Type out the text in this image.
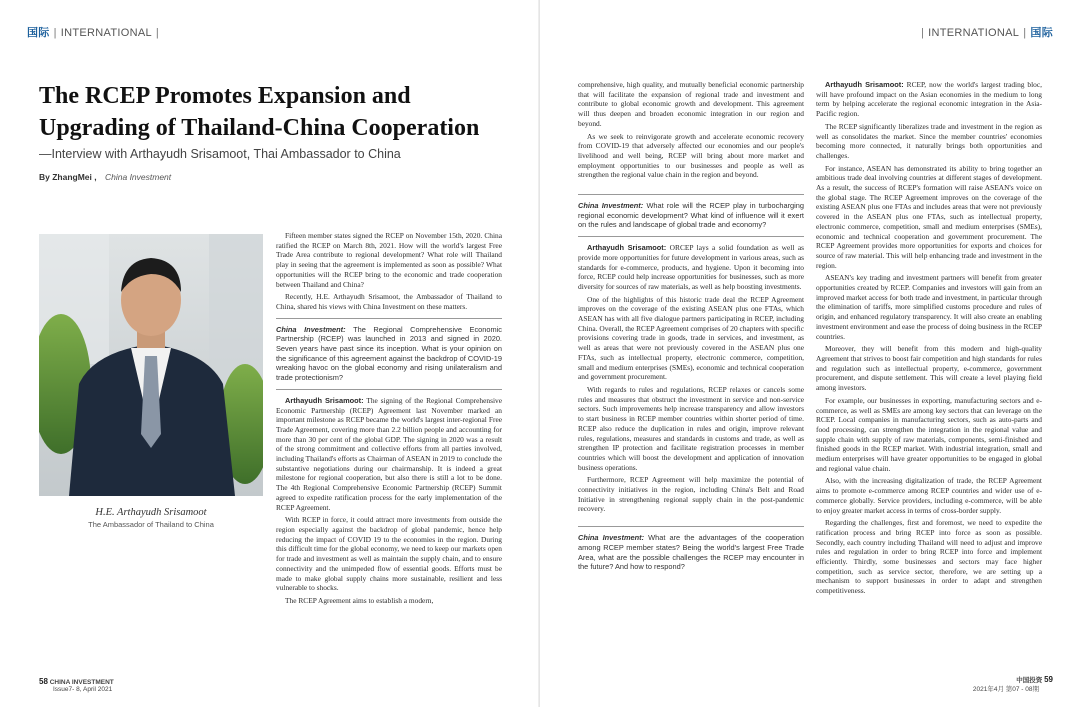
国际 | INTERNATIONAL |
The RCEP Promotes Expansion and Upgrading of Thailand-China Cooperation
—Interview with Arthayudh Srisamoot, Thai Ambassador to China
By ZhangMei , China Investment
H.E. Arthayudh Srisamoot
The Ambassador of Thailand to China

Fifteen member states signed the RCEP on November 15th, 2020. China ratified the RCEP on March 8th, 2021. How will the world's largest Free Trade Area contribute to regional development? What role will Thailand play in seeing that the agreement is implemented as soon as possible? What opportunities will the RCEP bring to the economic and trade cooperation between Thailand and China?

Recently, H.E. Arthayudh Srisamoot, the Ambassador of Thailand to China, shared his views with China Investment on these matters.

China Investment: The Regional Comprehensive Economic Partnership (RCEP) was launched in 2013 and signed in 2020. Seven years have past since its inception. What is your opinion on the significance of this agreement against the backdrop of COVID-19 wreaking havoc on the global economy and rising unilateralism and trade protectionism?

Arthayudh Srisamoot: The signing of the Regional Comprehensive Economic Partnership (RCEP) Agreement last November marked an important milestone as RCEP became the world's largest inter-regional Free Trade Agreement, covering more than 2.2 billion people and accounting for more than 30 per cent of the global GDP. The signing in 2020 was a result of the strong commitment and collective efforts from all parties involved, including Thailand's efforts as Chairman of ASEAN in 2019 to conclude the substantive negotiations during our chairmanship. It is indeed a great milestone for regional cooperation, but also there is still a lot to be done. The 4th Regional Comprehensive Economic Partnership (RCEP) Summit agreed to expedite ratification process for the early implementation of the RCEP Agreement.

With RCEP in force, it could attract more investments from outside the region especially against the backdrop of global pandemic, hence help reducing the impact of COVID 19 to the economies in the region. During this difficult time for the global economy, we need to keep our markets open for trade and investment as well as maintain the supply chain, and to ensure connectivity and the unimpeded flow of essential goods. Efforts must be made to make global supply chains more sustainable, resilient and less vulnerable to shocks.

The RCEP Agreement aims to establish a modern,

58 CHINA INVESTMENT
Issue7- 8, April 2021
| INTERNATIONAL | 国际

comprehensive, high quality, and mutually beneficial economic partnership that will facilitate the expansion of regional trade and investment and contribute to global economic growth and development. This agreement will thus deepen and broaden economic integration in our region and beyond.

As we seek to reinvigorate growth and accelerate economic recovery from COVID-19 that adversely affected our economies and our people's livelihood and well being, RCEP will bring about more market and employment opportunities to our businesses and people as well as strengthen the regional value chain in the region and beyond.

China Investment: What role will the RCEP play in turbocharging regional economic development? What kind of influence will it exert on the rules and landscape of global trade and economy?

Arthayudh Srisamoot: ORCEP lays a solid foundation as well as provide more opportunities for future development in various areas, such as standards for e-commerce, products, and hygiene. Upon it becoming into force, RCEP could help increase opportunities for businesses, such as more diversity for sources of raw materials, as well as help boosting investments.

One of the highlights of this historic trade deal the RCEP Agreement improves on the coverage of the existing ASEAN plus one FTAs, which ASEAN has with all five dialogue partners participating in RCEP, including China. Overall, the RCEP Agreement comprises of 20 chapters with specific provisions covering trade in goods, trade in services, and investment, as well as areas that were not previously covered in the ASEAN plus one FTAs, such as intellectual property, electronic commerce, competition, small and medium enterprises (SMEs), economic and technical cooperation and government procurement.

With regards to rules and regulations, RCEP relaxes or cancels some rules and measures that obstruct the investment in service and non-service sectors. Such improvements help increase transparency and allow investors to start business in RCEP member countries within shorter period of time. RCEP also reduce the duplication in rules and origin, improve relevant rules, regulations, measures and standards in customs and trade, as well as strengthen IP protection and facilitate registration processes in member countries which will boost the development and application of innovation business operations.

Furthermore, RCEP Agreement will help maximize the potential of connectivity initiatives in the region, including China's Belt and Road Initiative in strengthening regional supply chain in the post-pandemic recovery.

China Investment: What are the advantages of the cooperation among RCEP member states? Being the world's largest Free Trade Area, what are the possible challenges the RCEP may encounter in the future? And how to respond?

Arthayudh Srisamoot: RCEP, now the world's largest trading bloc, will have profound impact on the Asian economies in the medium to long term by helping accelerate the regional economic integration in the Asia-Pacific region.

The RCEP significantly liberalizes trade and investment in the region as well as consolidates the market. Since the member countries' economies becoming more connected, it naturally brings both opportunities and challenges.

For instance, ASEAN has demonstrated its ability to bring together an ambitious trade deal involving countries at different stages of development. As a result, the success of RCEP's formation will raise ASEAN's voice on the global stage. The RCEP Agreement improves on the coverage of the existing ASEAN plus one FTAs and includes areas that were not previously covered in the ASEAN plus one FTAs, such as intellectual property, electronic commerce, competition, small and medium enterprises (SMEs), economic and technical cooperation and government procurement. The RCEP Agreement provides more opportunities for exports and choices for source of raw material. This will help enhancing trade and investment in the region.

ASEAN's key trading and investment partners will benefit from greater opportunities created by RCEP. Companies and investors will gain from an improved market access for both trade and investment, in particular through the elimination of tariffs, more simplified customs procedure and rules of origin, and enhanced regulatory transparency. It will also create an enabling investment environment and ease the process of doing business in the RCEP countries.

Moreover, they will benefit from this modern and high-quality Agreement that strives to boost fair competition and high standards for rules and regulation such as intellectual property, e-commerce, government procurement, and dispute settlement. This will create a level playing field among investors.

For example, our businesses in exporting, manufacturing sectors and e-commerce, as well as SMEs are among key sectors that can leverage on the RCEP. Local companies in manufacturing sectors, such as auto-parts and food processing, can strengthen the integration in the regional value and supple chain with supply of raw materials, components, semi-finished and finished goods in the RCEP market. With industrial integration, small and medium enterprises will have greater opportunities to be engaged in global and regional value chain.

Also, with the increasing digitalization of trade, the RCEP Agreement aims to promote e-commerce among RCEP countries and wider use of e-commerce globally. Service providers, including e-commerce, will be able to enjoy greater market access in terms of cross-border supply.

Regarding the challenges, first and foremost, we need to expedite the ratification process and bring RCEP into force as soon as possible. Secondly, each country including Thailand will need to adjust and improve rules and regulation in order to bring RCEP into force and implement efficiently. Thirdly, some businesses and sectors may face higher competition, such as service sector, therefore, we are setting up a mechanism to support businesses in order to adapt and strengthen competitiveness.

中国投资 59
2021年4月 第07 - 08期
